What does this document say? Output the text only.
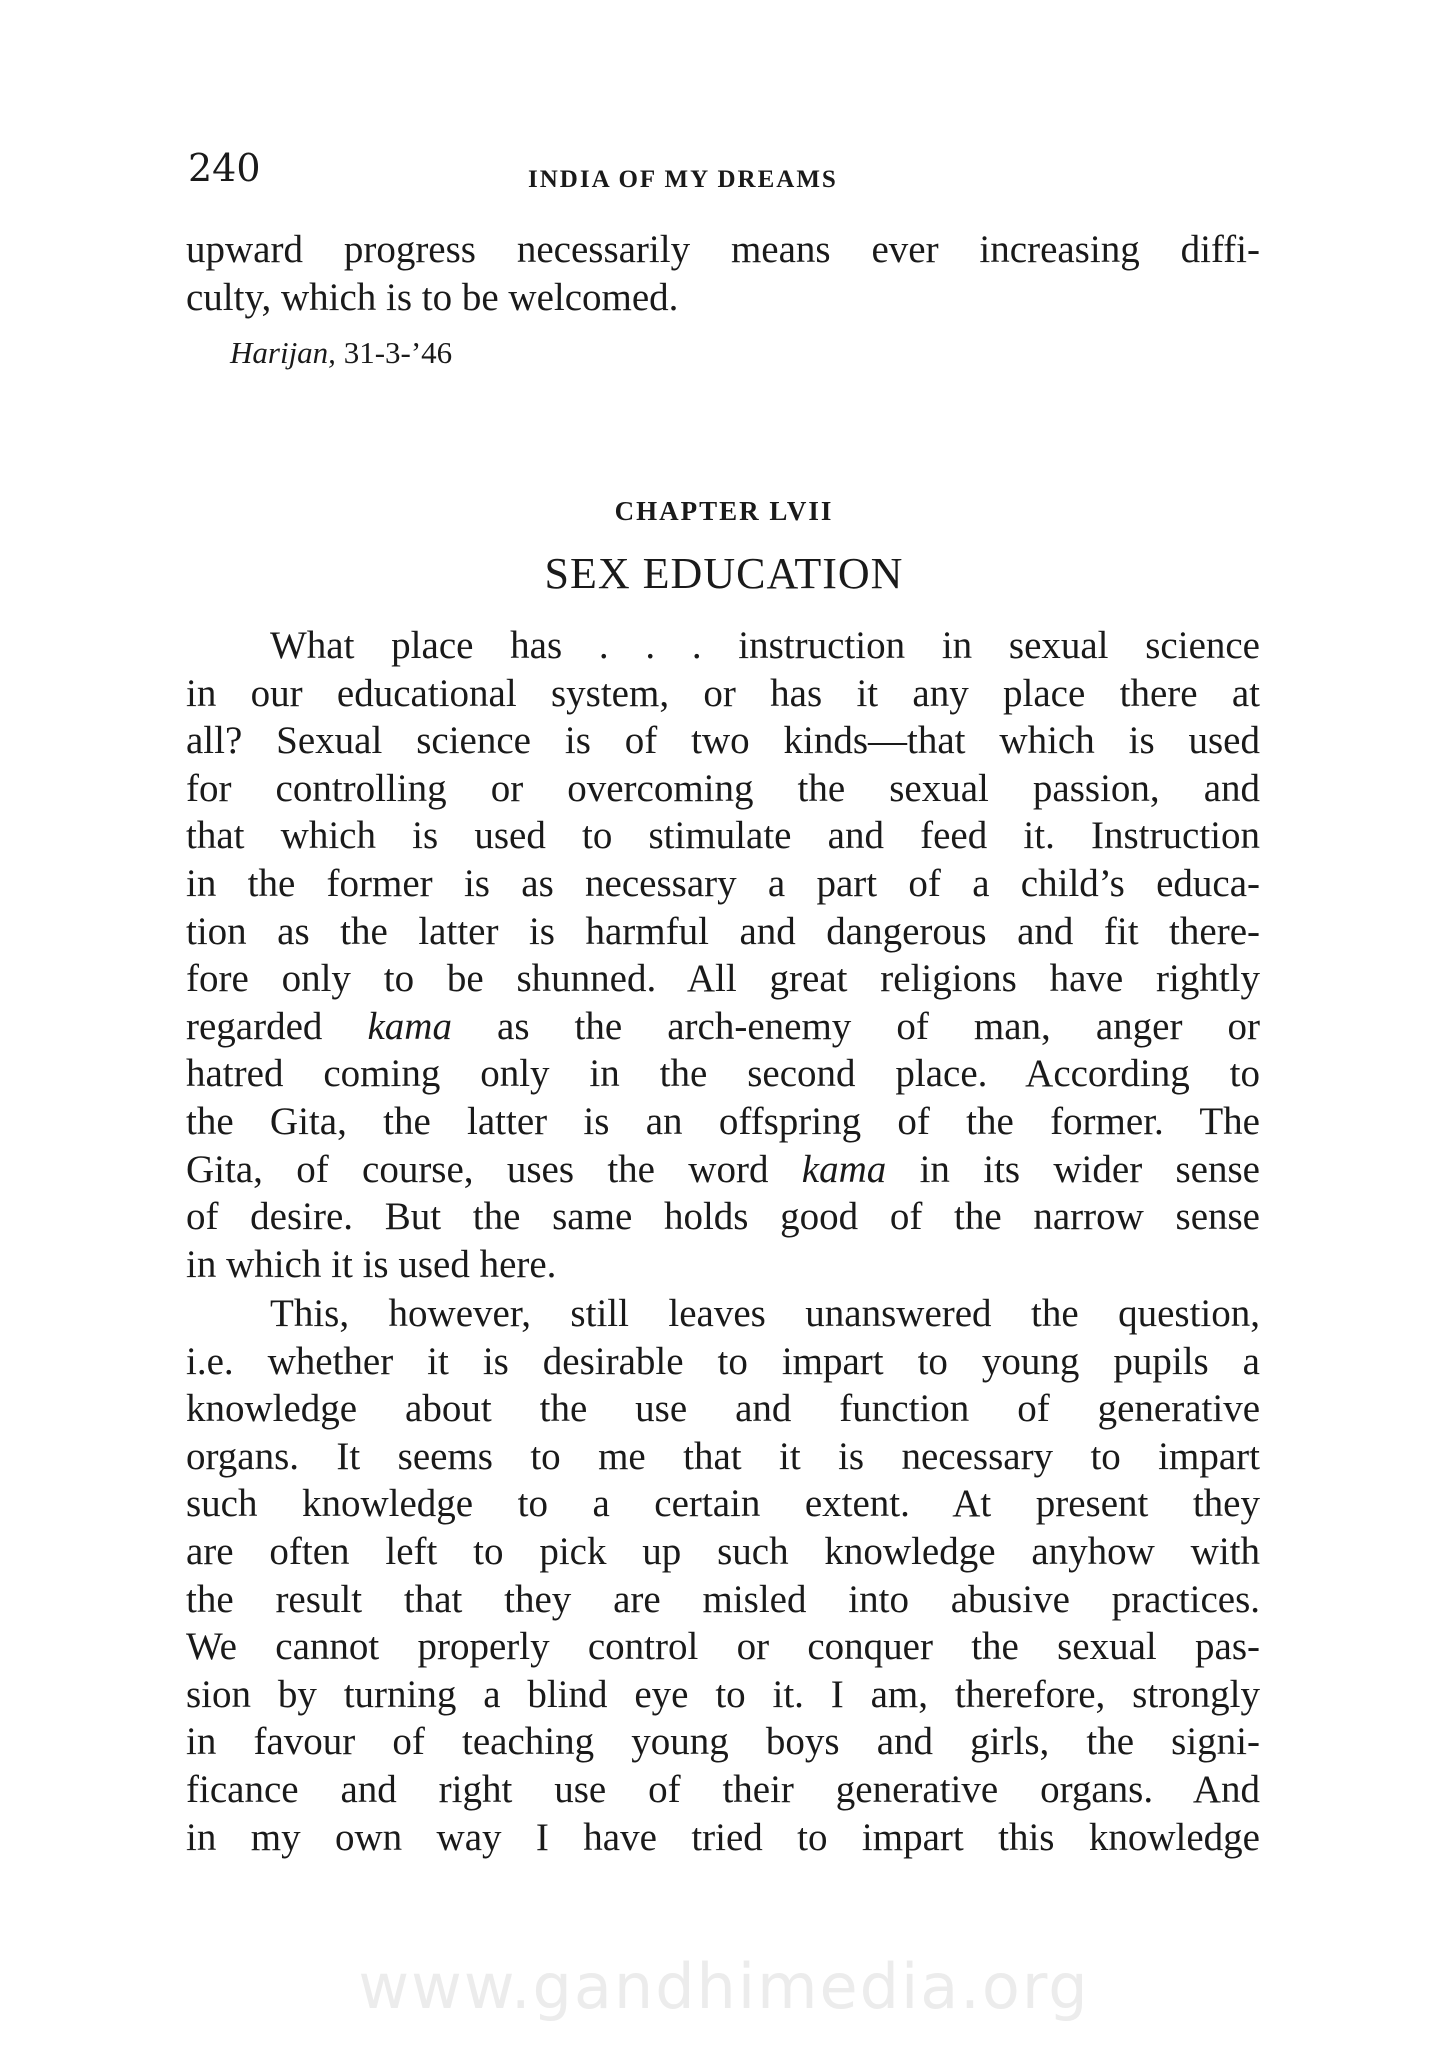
240	INDIA OF MY DREAMS
upward progress necessarily means ever increasing diffi-
culty, which is to be welcomed.
Harijan, 31-3-’46
CHAPTER LVII
SEX EDUCATION
What place has . . . instruction in sexual science
in our educational system, or has it any place there at
all? Sexual science is of two kinds—that which is used
for controlling or overcoming the sexual passion, and
that which is used to stimulate and feed it. Instruction
in the former is as necessary a part of a child’s educa-
tion as the latter is harmful and dangerous and fit there-
fore only to be shunned. All great religions have rightly
regarded kama as the arch-enemy of man, anger or
hatred coming only in the second place. According to
the Gita, the latter is an offspring of the former. The
Gita, of course, uses the word kama in its wider sense
of desire. But the same holds good of the narrow sense
in which it is used here.
This, however, still leaves unanswered the question,
i.e. whether it is desirable to impart to young pupils a
knowledge about the use and function of generative
organs. It seems to me that it is necessary to impart
such knowledge to a certain extent. At present they
are often left to pick up such knowledge anyhow with
the result that they are misled into abusive practices.
We cannot properly control or conquer the sexual pas-
sion by turning a blind eye to it. I am, therefore, strongly
in favour of teaching young boys and girls, the signi-
ficance and right use of their generative organs. And
in my own way I have tried to impart this knowledge
www.gandhimedia.org
